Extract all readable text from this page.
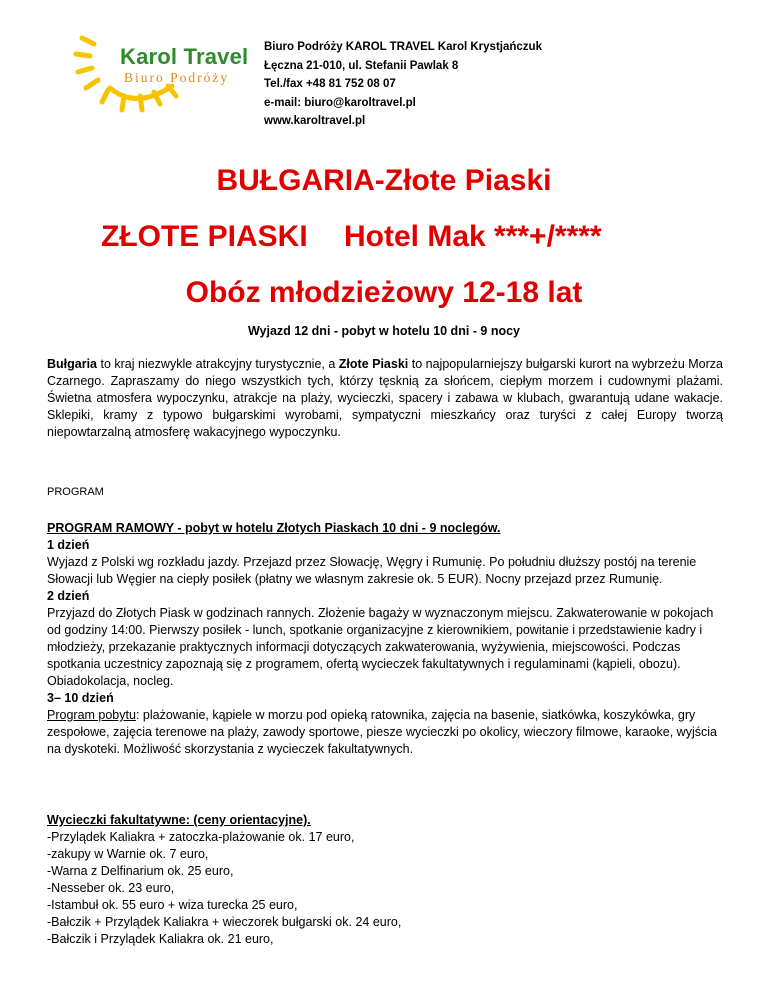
Karol Travel
Biuro Podróży
Biuro Podróży KAROL TRAVEL Karol Krystjańczuk
Łęczna 21-010, ul. Stefanii Pawlak 8
Tel./fax +48 81 752 08 07
e-mail: biuro@karoltravel.pl
www.karoltravel.pl
BUŁGARIA-Złote Piaski
ZŁOTE PIASKI Hotel Mak ***+/****
Obóz młodzieżowy 12-18 lat
Wyjazd 12 dni - pobyt w hotelu 10 dni - 9 nocy
Bułgaria to kraj niezwykle atrakcyjny turystycznie, a Złote Piaski to najpopularniejszy bułgarski kurort na wybrzeżu Morza Czarnego. Zapraszamy do niego wszystkich tych, którzy tęsknią za słońcem, ciepłym morzem i cudownymi plażami. Świetna atmosfera wypoczynku, atrakcje na plaży, wycieczki, spacery i zabawa w klubach, gwarantują udane wakacje. Sklepiki, kramy z typowo bułgarskimi wyrobami, sympatyczni mieszkańcy oraz turyści z całej Europy tworzą niepowtarzalną atmosferę wakacyjnego wypoczynku.
PROGRAM

PROGRAM RAMOWY - pobyt w hotelu Złotych Piaskach 10 dni - 9 noclegów.

1 dzień

Wyjazd z Polski wg rozkładu jazdy. Przejazd przez Słowację, Węgry i Rumunię. Po południu dłuższy postój na terenie Słowacji lub Węgier na ciepły posiłek (płatny we własnym zakresie ok. 5 EUR). Nocny przejazd przez Rumunię.

2 dzień

Przyjazd do Złotych Piask w godzinach rannych. Złożenie bagaży w wyznaczonym miejscu. Zakwaterowanie w pokojach od godziny 14:00. Pierwszy posiłek - lunch, spotkanie organizacyjne z kierownikiem, powitanie i przedstawienie kadry i młodzieży, przekazanie praktycznych informacji dotyczących zakwaterowania, wyżywienia, miejscowości. Podczas spotkania uczestnicy zapoznają się z programem, ofertą wycieczek fakultatywnych i regulaminami (kąpieli, obozu). Obiadokolacja, nocleg.

3– 10 dzień

Program pobytu: plażowanie, kąpiele w morzu pod opieką ratownika, zajęcia na basenie, siatkówka, koszykówka, gry zespołowe, zajęcia terenowe na plaży, zawody sportowe, piesze wycieczki po okolicy, wieczory filmowe, karaoke, wyjścia na dyskoteki. Możliwość skorzystania z wycieczek fakultatywnych.

Wycieczki fakultatywne: (ceny orientacyjne).

-Przylądek Kaliakra + zatoczka-plażowanie ok. 17 euro,

-zakupy w Warnie ok. 7 euro,

-Warna z Delfinarium ok. 25 euro,

-Nesseber ok. 23 euro,

-Istambuł ok. 55 euro + wiza turecka 25 euro,

-Bałczik + Przylądek Kaliakra + wieczorek bułgarski ok. 24 euro,

-Bałczik i Przylądek Kaliakra ok. 21 euro,
